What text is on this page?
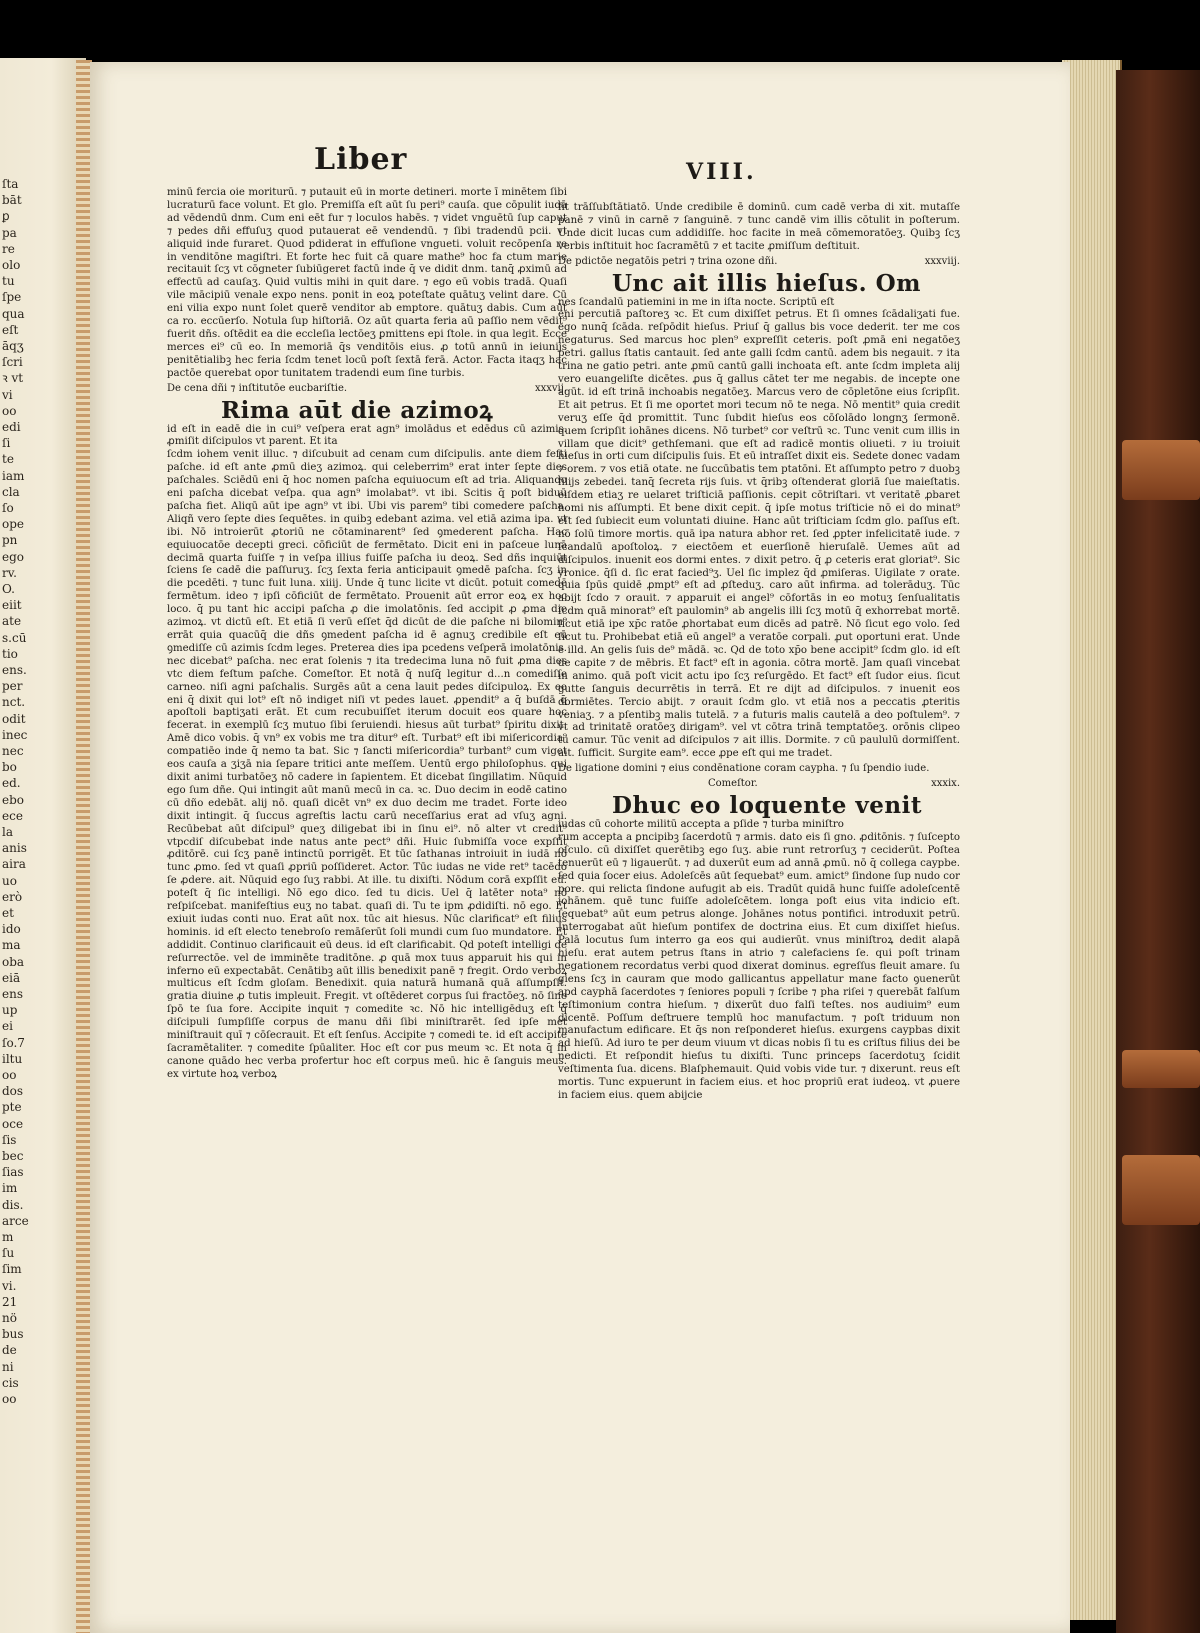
ſta
bāt
ꝑ
pa
re
olo
tu
ſpe
qua
eſt
āqʒ
ſcri
ꝛ vt
vi
oo
edi
ſi
te
iam
cla
ſo
ope
pn
ego
rv.
O.
eiit
ate
s.cū
tio
ens.
per
nct.
odit
inec
nec
bo
ed.
ebo
ece
la
anis
aira
uo
erò
et
ido
ma
oba
eiā
ens
up
ei
ſo.7
iltu
oo
dos
pte
oce
ſis
bec
ſias
im
dis.
arce
m
ſu
ſim
vi.
21
nö
bus
de
ni
cis
oo
Liber	VIII.

minū fercia oie moriturū. ⁊ putauit eū in morte detineri. morte ī minētem ſibi lucraturū face volunt. Et glo. Premiſſa eſt aūt ſu peri⁹ cauſa. que cōpulit iudā ad vēdendū dnm. Cum eni eēt fur ⁊ loculos habēs. ⁊ videt vnguētū ſup caput ⁊ pedes dñi effuſuʒ quod putauerat eē vendendū. ⁊ ſibi tradendū pcii. vt aliquid inde furaret. Quod pdiderat in effuſione vngueti. voluit recōpenſa re in venditōne magiſtri. Et forte hec fuit cā quare mathe⁹ hoc fa ctum marie recitauit ſcʒ vt cōgneter ſubiūgeret factū inde q̄ ve didit dnm. tanq̄ ꝓximū ad effectū ad cauſaʒ. Quid vultis mihi in quit dare. ⁊ ego eū vobis tradā. Quaſi vile mācipiū venale expo nens. ponit in eoꝝ poteſtate quātuʒ velint dare. Cū eni vilia expo nunt ſolet querē venditor ab emptore. quātuʒ dabis. Cum aūt ca ro. eccūerſo. Notula ſup hiſtoriā. Oz aūt quarta feria aū paſſio nem vēdit⁹ fuerit dñs. oſtēdit ea die eccleſia lectōeʒ ꝑmittens epi ſtole. in qua legit. Ecce merces ei⁹ cū eo. In memoriā q̄s venditōis eius. ꝓ totū annū in ieiunijs penitētialibꝫ hec feria ſcdm tenet locū poſt ſextā ferā. Actor. Facta itaqʒ hac pactōe querebat opor tunitatem tradendi eum ſine turbis.

De cena dñi ⁊ inſtitutōe eucbariſtie.	xxxvij.
Rima aūt die azimoꝝ

id eſt in eadē die in cui⁹ veſpera erat agn⁹ imolādus et edēdus cū azimis. ꝓmiſit diſcipulos vt parent. Et ita

ſcdm iohem venit illuc. ⁊ diſcubuit ad cenam cum diſcipulis. ante diem feſti paſche. id eſt ante ꝓmū dieʒ azimoꝝ. qui celeberrim⁹ erat inter ſepte dies paſchales. Sciēdū eni q̄ hoc nomen paſcha equiuocum eſt ad tria. Aliquando eni paſcha dicebat veſpa. qua agn⁹ imolabat⁹. vt ibi. Scitis q̄ poſt biduū paſcha fiet. Aliqū aūt ipe agn⁹ vt ibi. Ubi vis parem⁹ tibi comedere paſcha. Aliqñ vero ſepte dies ſequētes. in quibꝫ edebant azima. vel etiā azima ipa. vt ibi. Nō introierūt ꝓtoriū ne cōtaminarent⁹ ſed ꝯmederent paſcha. Hac equiuocatōe decepti greci. cōficiūt de fermētato. Dicit eni in paſceue lunā decimā quarta fuiſſe ⁊ in veſpa illius fuiſſe paſcha iu deoꝝ. Sed dñs inquiūt ſciens ſe cadē die paſſuruʒ. ſcʒ ſexta feria anticipauit ꝯmedē paſcha. ſcʒ in die pcedēti. ⁊ tunc fuit luna. xiiij. Unde q̄ tunc licite vt dicūt. potuit comedē fermētum. ideo ⁊ ipſi cōficiūt de fermētato. Prouenit aūt error eoꝝ ex hoc loco. q̄ pu tant hic accipi paſcha ꝓ die imolatōnis. ſed accipit ꝓ ꝓma die azimoꝝ. vt dictū eſt. Et etiā ſi verū eſſet q̄d dicūt de die paſche ni bilomin⁹ errāt quia quacūq̄ die dñs ꝯmedent paſcha id ē agnuʒ credibile eſt eū ꝯmediſſe cū azimis ſcdm leges. Preterea dies ipa pcedens veſperā imolatōnis. nec dicebat⁹ paſcha. nec erat ſolenis ⁊ ita tredecima luna nō fuit ꝓma dies vtc diem feſtum paſche. Comeſtor. Et notā q̄ nuſq̄ legitur d...n comediſſe carneo. niſi agni paſchalis. Surgēs aūt a cena lauit pedes diſcipuloꝝ. Ex eo eni q̄ dixit qui lot⁹ eſt nō indiget niſi vt pedes lauet. ꝓpendit⁹ a q̄ buſdā q̄ apoſtoli baptiʒati erāt. Et cum recubuiſſet iterum docuit eos quare hoc fecerat. in exemplū ſcʒ mutuo ſibi ſeruiendi. hiesus aūt turbat⁹ ſpiritu dixit. Amē dico vobis. q̄ vn⁹ ex vobis me tra ditur⁹ eſt. Turbat⁹ eſt ibi miſericordia⁹ compatiēo inde q̄ nemo ta bat. Sic ⁊ ſancti miſericordia⁹ turbant⁹ cum viget eos cauſa a ʒiʒā nia ſepare tritici ante meſſem. Uentū ergo philoſophus. qui dixit animi turbatōeʒ nō cadere in ſapientem. Et dicebat ſingillatim. Nūquid ego ſum dñe. Qui intingit aūt manū mecū in ca. ꝛc. Duo decim in eodē catino cū dño edebāt. alij nō. quaſi dicēt vn⁹ ex duo decim me tradet. Forte ideo dixit intingit. q̄ ſuccus agreſtis lactu carū neceſſarius erat ad vſuʒ agni. Recūbebat aūt diſcipul⁹ queʒ diligebat ibi in ſinu ei⁹. nō alter vt credit⁹ vtpcdiſ diſcubebat inde natus ante pect⁹ dñi. Huic ſubmiſſa voce expſſit ꝓditōrē. cui ſcʒ panē intinctū porrigēt. Et tūc ſathanas introiuit in iudā nō tunc ꝓmo. ſed vt quaſi ꝓpriū poſſideret. Actor. Tūc iudas ne vide ret⁹ tacēdo ſe ꝓdere. ait. Nūquid ego ſuʒ rabbi. At ille. tu dixiſti. Nōdum corā expſſit eū. poteſt q̄ ſic intelligi. Nō ego dico. ſed tu dicis. Uel q̄ latēter nota⁹ nō reſpiſcebat. manifeſtius euʒ no tabat. quaſi di. Tu te ipm ꝓdidiſti. nō ego. Et exiuit iudas conti nuo. Erat aūt nox. tūc ait hiesus. Nūc clarificat⁹ eſt filius hominis. id eſt electo tenebroſo remāſerūt ſoli mundi cum ſuo mundatore. Et addidit. Continuo clarificauit eū deus. id eſt clarificabit. Qd poteſt intelligi de reſurrectōe. vel de imminēte traditōne. ꝓ quā mox tuus apparuit his qui in inferno eū expectabāt. Cenātibꝫ aūt illis benedixit panē ⁊ fregit. Ordo verboꝝ multicus eſt ſcdm gloſam. Benedixit. quia naturā humanā quā aſſumpſit. gratia diuine ꝓ tutis impleuit. Fregit. vt oſtēderet corpus ſui fractōeʒ. nō ſine ſpō te ſua fore. Accipite inquit ⁊ comedite ꝛc. Nō hic intelligēduʒ eſt q̄ diſcipuli ſumpſiſſe corpus de manu dñi ſibi miniſtrarēt. ſed ipſe met miniſtrauit quī ⁊ cōſecrauit. Et eſt ſenſus. Accipite ⁊ comedi te. id eſt accipite ſacramētaliter. ⁊ comedite ſpūaliter. Hoc eſt cor pus meum ꝛc. Et nota q̄ in canone quādo hec verba profertur hoc eſt corpus meū. hic ē ſanguis meus. ex virtute hoꝝ verboꝝ

fit trāſſubſtātiatō. Unde credibile ē dominū. cum cadē verba di xit. mutaſſe panē ⁊ vinū in carnē ⁊ ſanguinē. ⁊ tunc candē vim illis cōtulit in poſterum. Unde dicit lucas cum addidiſſe. hoc facite in meā cōmemoratōeʒ. Quibꝫ ſcʒ verbis inſtituit hoc ſacramētū ⁊ et tacite ꝓmiſſum deſtituit.

De pdictōe negatōis petri ⁊ trina ozone dñi.	xxxviij.
Unc ait illis hieſus. Om

nes ſcandalū patiemini in me in iſta nocte. Scriptū eſt

eni percutiā paſtoreʒ ꝛc. Et cum dixiſſet petrus. Et ſi omnes ſcādaliʒati fue. ego nunq̄ ſcāda. reſpōdit hieſus. Priuſ q̄ gallus bis voce dederit. ter me cos negaturus. Sed marcus hoc plen⁹ expreſſit ceteris. poſt ꝓmā eni negatōeʒ petri. gallus ſtatis cantauit. ſed ante galli ſcdm cantū. adem bis negauit. ⁊ ita trina ne gatio petri. ante ꝓmū cantū galli inchoata eſt. ante ſcdm impleta alij vero euangeliſte dicētes. ꝓus q̄ gallus cātet ter me negabis. de incepte one agūt. id eſt trinā inchoabis negatōeʒ. Marcus vero de cōpletōne eius ſcripſit. Et ait petrus. Et ſi me oportet mori tecum nō te nega. Nō mentit⁹ quia credit veruʒ eſſe q̄d promittit. Tunc ſubdit hieſus eos cōſolādo longnʒ ſermonē. quem ſcripſit iohānes dicens. Nō turbet⁹ cor veſtrū ꝛc. Tunc venit cum illis in villam que dicit⁹ gethſemani. que eſt ad radicē montis oliueti. ⁊ iu troiuit hieſus in orti cum diſcipulis ſuis. Et eū intraſſet dixit eis. Sedete donec vadam ⁊ orem. ⁊ vos etiā otate. ne ſuccūbatis tem ptatōni. Et aſſumpto petro ⁊ duobꝫ filijs zebedei. tanq̄ ſecreta rijs ſuis. vt q̄ribꝫ oſtenderat gloriā ſue maieſtatis. eiſdem etiaʒ re uelaret triſticiā paſſionis. cepit cōtriſtari. vt veritatē ꝓbaret homi nis aſſumpti. Et bene dixit cepit. q̄ ipſe motus triſticie nō ei do minat⁹ eſt ſed ſubiecit eum voluntati diuine. Hanc aūt triſticiam ſcdm glo. paſſus eſt. nō ſolū timore mortis. quā ipa natura abhor ret. ſed ꝓpter infelicitatē iude. ⁊ ſcandalū apoſtoloꝝ. ⁊ eiectōem et euerſionē hieruſalē. Uemes aūt ad diſcipulos. inuenit eos dormi entes. ⁊ dixit petro. q̄ ꝓ ceteris erat gloriat⁹. Sic yronice. q̄ſi d. ſic erat facied⁹ʒ. Uel ſic implez q̄d ꝓmiſeras. Uigilate ⁊ orate. quia ſpūs quidē ꝓmpt⁹ eſt ad ꝓſteduʒ. caro aūt infirma. ad tolerāduʒ. Tūc abijt ſcdo ⁊ orauit. ⁊ apparuit ei angel⁹ cōfortās in eo motuʒ ſenſualitatis ſcdm quā minorat⁹ eſt paulomin⁹ ab angelis illi ſcʒ motū q̄ exhorrebat mortē. ſicut etiā ipe xp̄c ratōe ꝓhortabat eum dicēs ad patrē. Nō ſicut ego volo. ſed ſicut tu. Prohibebat etiā eū angel⁹ a veratōe corpali. ꝓut oportuni erat. Unde ē illd. An gelis ſuis de⁹ mādā. ꝛc. Qd de toto xp̄o bene accipit⁹ ſcdm glo. id eſt de capite ⁊ de mēbris. Et fact⁹ eſt in agonia. cōtra mortē. Jam quaſi vincebat in animo. quā poſt vicit actu ipo ſcʒ reſurgēdo. Et fact⁹ eſt ſudor eius. ſicut gutte ſanguis decurrētis in terrā. Et re dijt ad diſcipulos. ⁊ inuenit eos dormiētes. Tercio abijt. ⁊ orauit ſcdm glo. vt etiā nos a peccatis ꝓteritis veniaʒ. ⁊ a pſentibꝫ malis tutelā. ⁊ a futuris malis cautelā a deo poſtulem⁹. ⁊ vt ad trinitatē oratōeʒ dirigam⁹. vel vt cōtra trinā temptatōeʒ. orōnis clipeo tu camur. Tūc venit ad diſcipulos ⁊ ait illis. Dormite. ⁊ cū paululū dormiſſent. ait. ſufficit. Surgite eam⁹. ecce ꝓpe eſt qui me tradet.

De ligatione domini ⁊ eius condēnatione coram caypha. ⁊ ſu ſpendio iude.
Comeſtor.	xxxix.
Dhuc eo loquente venit

iudas cū cohorte militū accepta a pſide ⁊ turba miniſtro

rum accepta a ꝑncipibꝫ ſacerdotū ⁊ armis. dato eis ſi gno. ꝓditōnis. ⁊ ſuſcepto oſculo. cū dixiſſet querētibꝫ ego ſuʒ. abie runt retrorſuʒ ⁊ ceciderūt. Poſtea tenuerūt eū ⁊ ligauerūt. ⁊ ad duxerūt eum ad annā ꝓmū. nō q̄ collega caypbe. ſed quia ſocer eius. Adoleſcēs aūt ſequebat⁹ eum. amict⁹ ſindone ſup nudo cor pore. qui relicta ſindone aufugit ab eis. Tradūt quidā hunc fuiſſe adoleſcentē iohānem. quē tunc fuiſſe adoleſcētem. longa poſt eius vita indicio eſt. ſequebat⁹ aūt eum petrus alonge. Johānes notus pontifici. introduxit petrū. Interrogabat aūt hieſum pontifex de doctrina eius. Et cum dixiſſet hieſus. Palā locutus ſum interro ga eos qui audierūt. vnus miniſtroꝝ dedit alapā hieſu. erat autem petrus ſtans in atrio ⁊ calefaciens ſe. qui poſt trinam negationem recordatus verbi quod dixerat dominus. egreſſus fleuit amare. ſu giens ſcʒ in cauram que modo gallicantus appellatur mane facto ꝯuenerūt apd cayphā ſacerdotes ⁊ ſeniores populi ⁊ ſcribe ⁊ pha riſei ⁊ querebāt falſum teſtimonium contra hieſum. ⁊ dixerūt duo falſi teſtes. nos audiuim⁹ eum dicentē. Poſſum deſtruere templū hoc manufactum. ⁊ poſt triduum non manufactum edificare. Et q̄s non reſponderet hieſus. exurgens caypbas dixit ad hieſū. Ad iuro te per deum viuum vt dicas nobis ſi tu es criſtus filius dei be nedicti. Et reſpondit hieſus tu dixiſti. Tunc princeps ſacerdotuʒ ſcidit veſtimenta ſua. dicens. Blaſphemauit. Quid vobis vide tur. ⁊ dixerunt. reus eſt mortis. Tunc expuerunt in faciem eius. et hoc propriū erat iudeoꝝ. vt ꝓuere in faciem eius. quem abijcie
